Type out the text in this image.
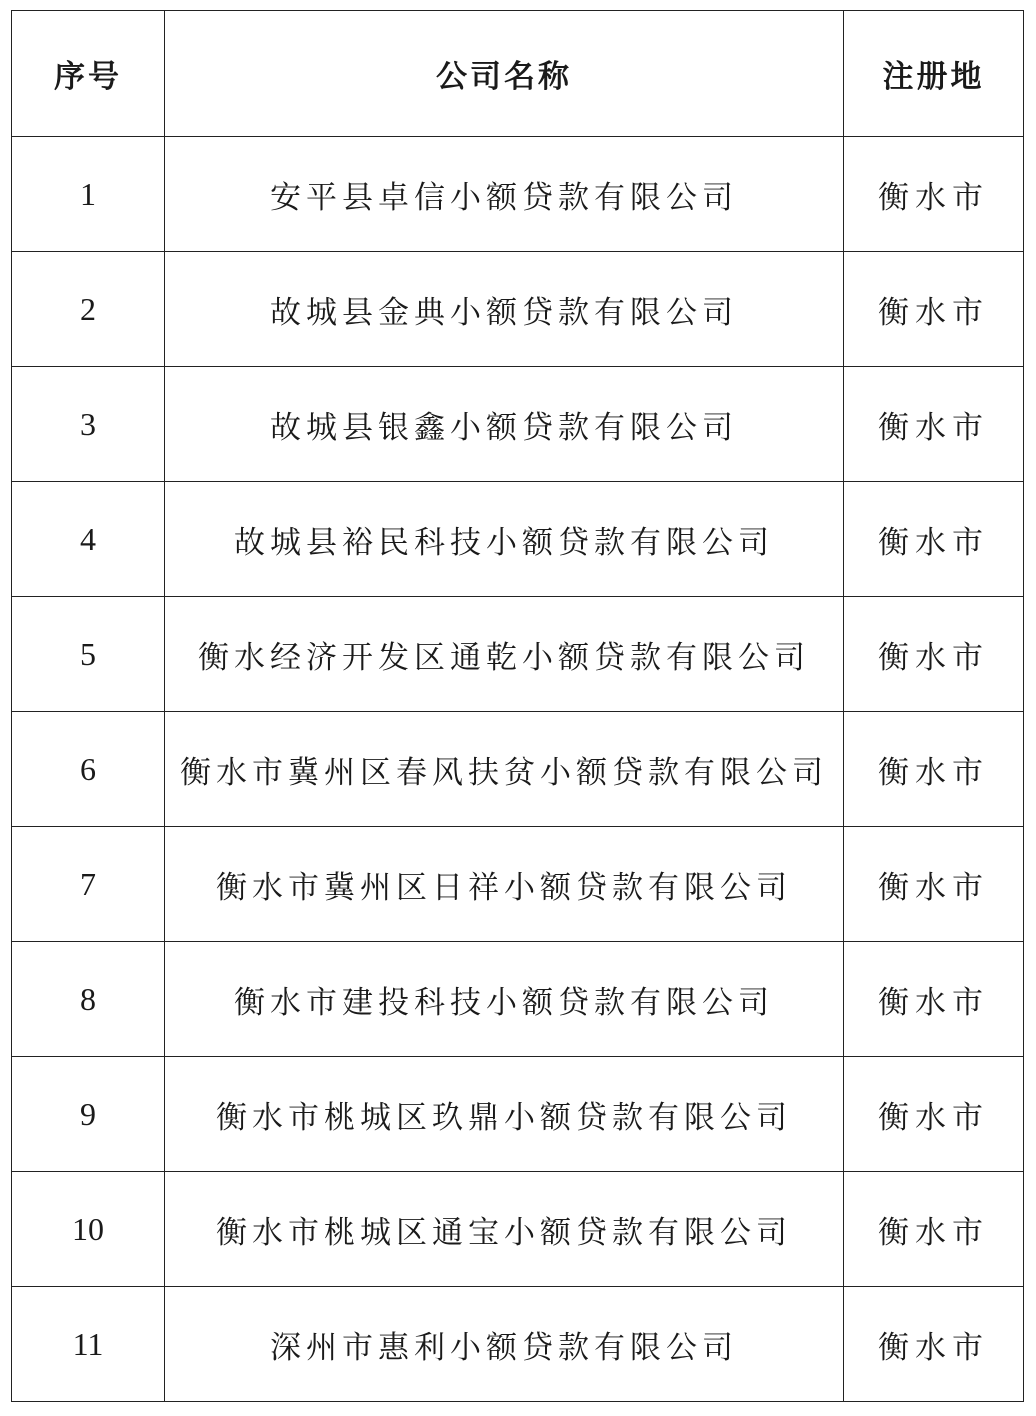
序号	公司名称	注册地
1	安平县卓信小额贷款有限公司	衡水市
2	故城县金典小额贷款有限公司	衡水市
3	故城县银鑫小额贷款有限公司	衡水市
4	故城县裕民科技小额贷款有限公司	衡水市
5	衡水经济开发区通乾小额贷款有限公司	衡水市
6	衡水市冀州区春风扶贫小额贷款有限公司	衡水市
7	衡水市冀州区日祥小额贷款有限公司	衡水市
8	衡水市建投科技小额贷款有限公司	衡水市
9	衡水市桃城区玖鼎小额贷款有限公司	衡水市
10	衡水市桃城区通宝小额贷款有限公司	衡水市
11	深州市惠利小额贷款有限公司	衡水市
